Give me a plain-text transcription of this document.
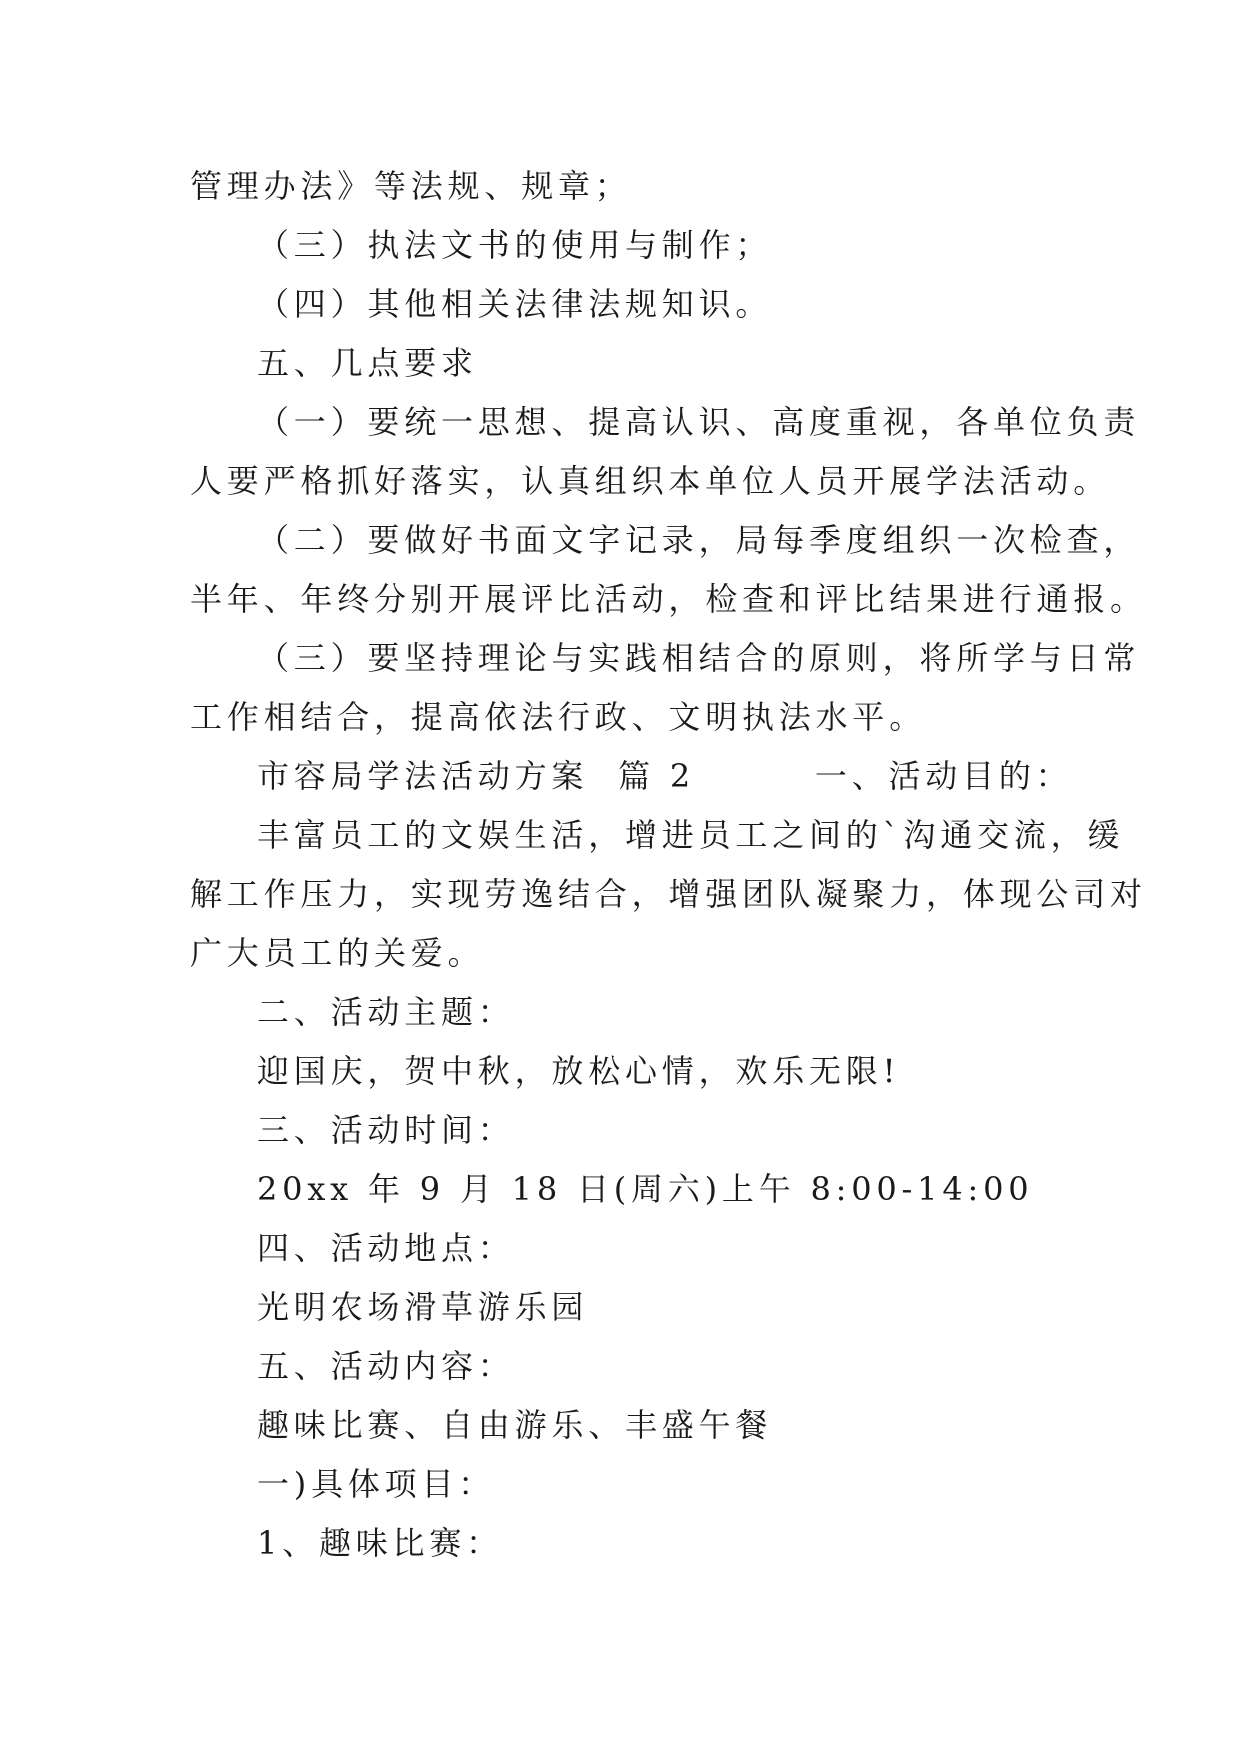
管理办法》等法规、规章；
（三）执法文书的使用与制作；
（四）其他相关法律法规知识。
五、几点要求
（一）要统一思想、提高认识、高度重视，各单位负责
人要严格抓好落实，认真组织本单位人员开展学法活动。
（二）要做好书面文字记录，局每季度组织一次检查，
半年、年终分别开展评比活动，检查和评比结果进行通报。
（三）要坚持理论与实践相结合的原则，将所学与日常
工作相结合，提高依法行政、文明执法水平。
市容局学法活动方案  篇 2        一、活动目的：
丰富员工的文娱生活，增进员工之间的`沟通交流，缓
解工作压力，实现劳逸结合，增强团队凝聚力，体现公司对
广大员工的关爱。
二、活动主题：
迎国庆，贺中秋，放松心情，欢乐无限!
三、活动时间：
20xx 年 9 月 18 日(周六)上午 8:00-14:00
四、活动地点：
光明农场滑草游乐园
五、活动内容：
趣味比赛、自由游乐、丰盛午餐
一)具体项目：
1、趣味比赛：
